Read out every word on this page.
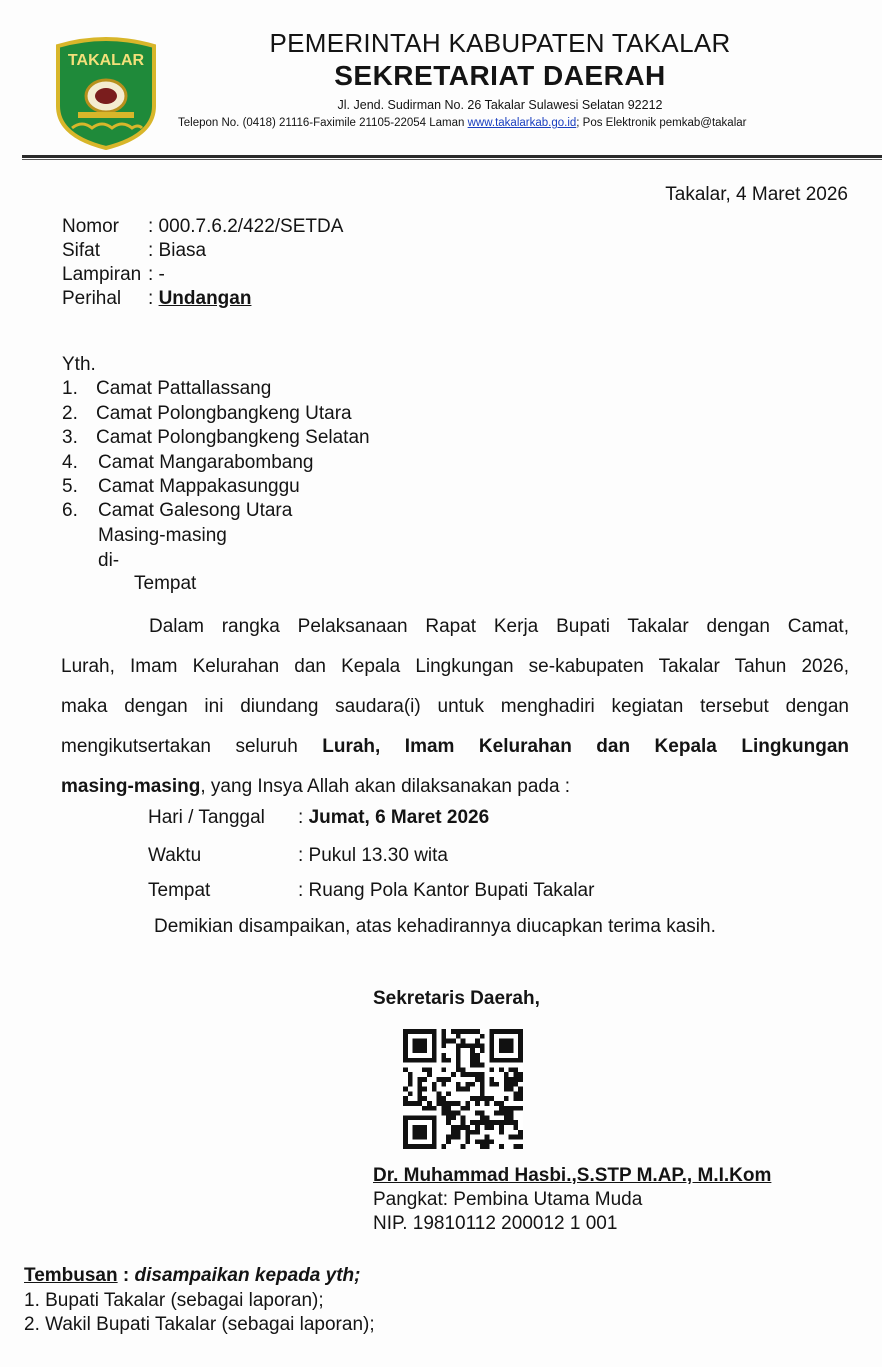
TAKALAR
PEMERINTAH KABUPATEN TAKALAR
SEKRETARIAT DAERAH
Jl. Jend. Sudirman No. 26 Takalar Sulawesi Selatan 92212
Telepon No. (0418) 21116-Faximile 21105-22054 Laman www.takalarkab.go.id; Pos Elektronik pemkab@takalar
Takalar, 4 Maret 2026
Nomor : 000.7.6.2/422/SETDA
Sifat	: Biasa
Lampiran : -
Perihal : Undangan
Yth.
1. Camat Pattallassang
2. Camat Polongbangkeng Utara
3. Camat Polongbangkeng Selatan
4. Camat Mangarabombang
5. Camat Mappakasunggu
6. Camat Galesong Utara
Masing-masing
di-
Tempat
Dalam rangka Pelaksanaan Rapat Kerja Bupati Takalar dengan Camat,
Lurah, Imam Kelurahan dan Kepala Lingkungan se-kabupaten Takalar Tahun 2026,
maka dengan ini diundang saudara(i) untuk menghadiri kegiatan tersebut dengan
mengikutsertakan seluruh Lurah, Imam Kelurahan dan Kepala Lingkungan
masing-masing, yang Insya Allah akan dilaksanakan pada :
Hari / Tanggal : Jumat, 6 Maret 2026
Waktu	: Pukul 13.30 wita
Tempat	: Ruang Pola Kantor Bupati Takalar
Demikian disampaikan, atas kehadirannya diucapkan terima kasih.
Sekretaris Daerah,
Dr. Muhammad Hasbi.,S.STP M.AP., M.I.Kom
Pangkat: Pembina Utama Muda
NIP. 19810112 200012 1 001
Tembusan : disampaikan kepada yth;
1. Bupati Takalar (sebagai laporan);
2. Wakil Bupati Takalar (sebagai laporan);
